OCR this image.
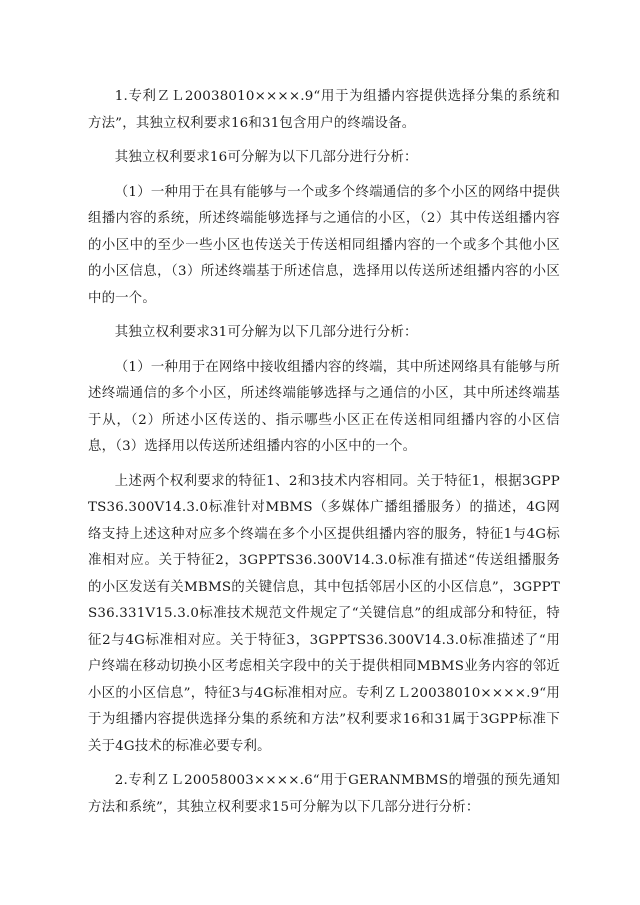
1.专利ＺＬ20038010××××.9“用于为组播内容提供选择分集的系统和方法”，其独立权利要求16和31包含用户的终端设备。

其独立权利要求16可分解为以下几部分进行分析：

（1）一种用于在具有能够与一个或多个终端通信的多个小区的网络中提供组播内容的系统，所述终端能够选择与之通信的小区，（2）其中传送组播内容的小区中的至少一些小区也传送关于传送相同组播内容的一个或多个其他小区的小区信息，（3）所述终端基于所述信息，选择用以传送所述组播内容的小区中的一个。

其独立权利要求31可分解为以下几部分进行分析：

（1）一种用于在网络中接收组播内容的终端，其中所述网络具有能够与所述终端通信的多个小区，所述终端能够选择与之通信的小区，其中所述终端基于从，（2）所述小区传送的、指示哪些小区正在传送相同组播内容的小区信息，（3）选择用以传送所述组播内容的小区中的一个。

上述两个权利要求的特征1、2和3技术内容相同。关于特征1，根据3GPPTS36.300V14.3.0标准针对MBMS（多媒体广播组播服务）的描述，4G网络支持上述这种对应多个终端在多个小区提供组播内容的服务，特征1与4G标准相对应。关于特征2，3GPPTS36.300V14.3.0标准有描述“传送组播服务的小区发送有关MBMS的关键信息，其中包括邻居小区的小区信息”，3GPPTS36.331V15.3.0标准技术规范文件规定了“关键信息”的组成部分和特征，特征2与4G标准相对应。关于特征3，3GPPTS36.300V14.3.0标准描述了“用户终端在移动切换小区考虑相关字段中的关于提供相同MBMS业务内容的邻近小区的小区信息”，特征3与4G标准相对应。专利ＺＬ20038010××××.9“用于为组播内容提供选择分集的系统和方法”权利要求16和31属于3GPP标准下关于4G技术的标准必要专利。

2.专利ＺＬ20058003××××.6“用于GERANMBMS的增强的预先通知方法和系统”，其独立权利要求15可分解为以下几部分进行分析：
